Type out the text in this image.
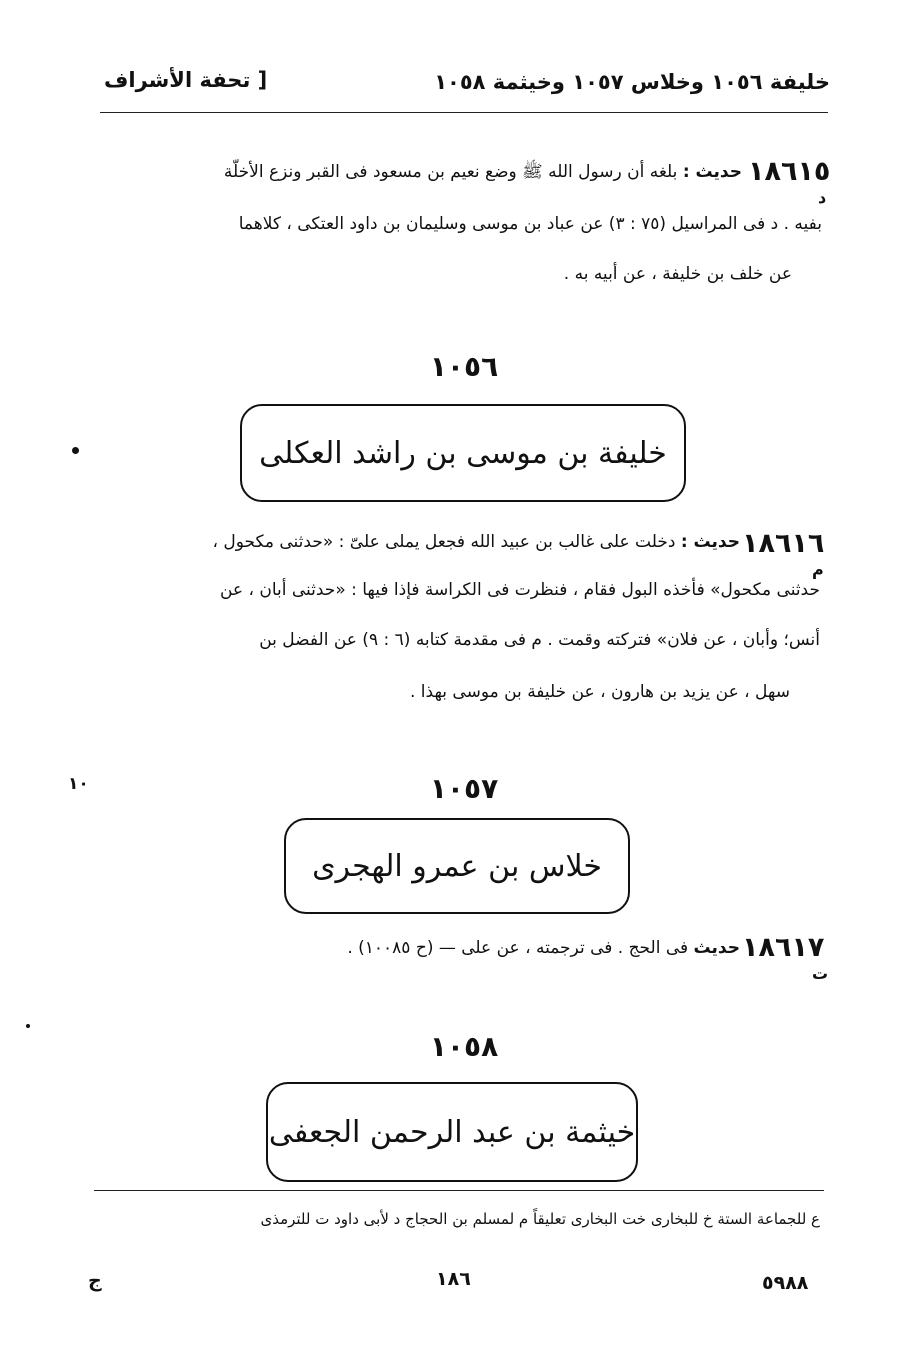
[ تحفة الأشراف	خليفة ١٠٥٦ وخلاس ١٠٥٧ وخيثمة ١٠٥٨
١٨٦١٥
د
حديث : بلغه أن رسول الله ﷺ وضع نعيم بن مسعود فى القبر ونزع الأخلّة
بفيه . د فى المراسيل (٧٥ : ٣) عن عباد بن موسى وسليمان بن داود العتكى ، كلاهما
عن خلف بن خليفة ، عن أبيه به .
١٠٥٦
خليفة بن موسى بن راشد العكلى
١٨٦١٦
م
حديث : دخلت على غالب بن عبيد الله فجعل يملى علىّ : «حدثنى مكحول ،
حدثنى مكحول» فأخذه البول فقام ، فنظرت فى الكراسة فإذا فيها : «حدثنى أبان ، عن
أنس؛ وأبان ، عن فلان» فتركته وقمت . م فى مقدمة كتابه (٦ : ٩) عن الفضل بن
سهل ، عن يزيد بن هارون ، عن خليفة بن موسى بهذا .
١٠	١٠٥٧
خلاس بن عمرو الهجرى
١٨٦١٧
ت
حديث فى الحج . فى ترجمته ، عن على — (ح ١٠٠٨٥) .
١٠٥٨
خيثمة بن عبد الرحمن الجعفى
ع للجماعة الستة خ للبخارى خت البخارى تعليقاً م لمسلم بن الحجاج د لأبى داود ت للترمذى
ج	١٨٦	٥٩٨٨
